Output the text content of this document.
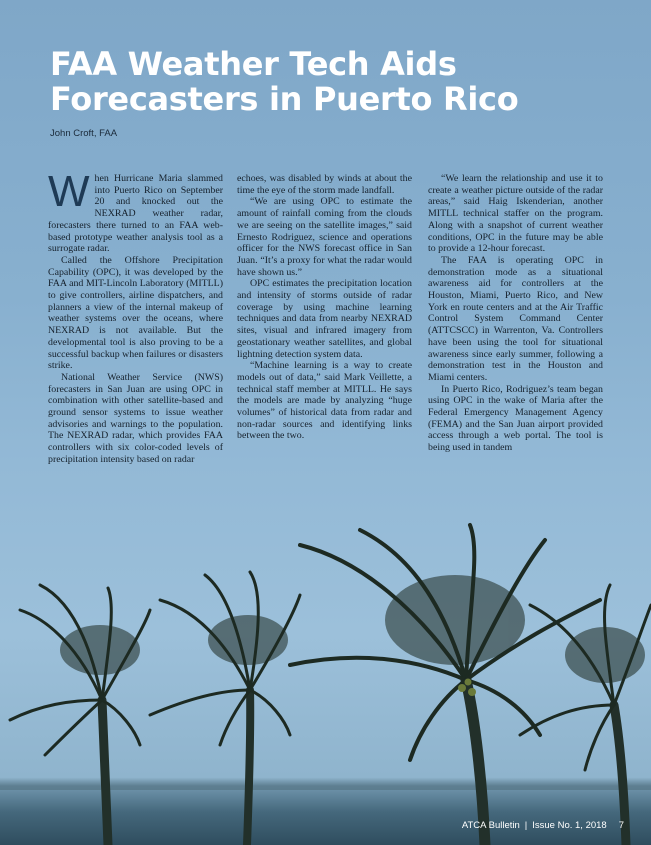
FAA Weather Tech Aids
Forecasters in Puerto Rico

John Croft, FAA

When Hurricane Maria slammed into Puerto Rico on September 20 and knocked out the NEXRAD weather radar, forecasters there turned to an FAA web-based prototype weather analysis tool as a surrogate radar.

Called the Offshore Precipitation Capability (OPC), it was developed by the FAA and MIT-Lincoln Laboratory (MITLL) to give controllers, airline dispatchers, and planners a view of the internal makeup of weather systems over the oceans, where NEXRAD is not available. But the developmental tool is also proving to be a successful backup when failures or disasters strike.

National Weather Service (NWS) forecasters in San Juan are using OPC in combination with other satellite-based and ground sensor systems to issue weather advisories and warnings to the population. The NEXRAD radar, which provides FAA controllers with six color-coded levels of precipitation intensity based on radar

echoes, was disabled by winds at about the time the eye of the storm made landfall.

“We are using OPC to estimate the amount of rainfall coming from the clouds we are seeing on the satellite images,” said Ernesto Rodriguez, science and operations officer for the NWS forecast office in San Juan. “It’s a proxy for what the radar would have shown us.”

OPC estimates the precipitation location and intensity of storms outside of radar coverage by using machine learning techniques and data from nearby NEXRAD sites, visual and infrared imagery from geostationary weather satellites, and global lightning detection system data.

“Machine learning is a way to create models out of data,” said Mark Veillette, a technical staff member at MITLL. He says the models are made by analyzing “huge volumes” of historical data from radar and non-radar sources and identifying links between the two.

“We learn the relationship and use it to create a weather picture outside of the radar areas,” said Haig Iskenderian, another MITLL technical staffer on the program. Along with a snapshot of current weather conditions, OPC in the future may be able to provide a 12-hour forecast.

The FAA is operating OPC in demonstration mode as a situational awareness aid for controllers at the Houston, Miami, Puerto Rico, and New York en route centers and at the Air Traffic Control System Command Center (ATTCSCC) in Warrenton, Va. Controllers have been using the tool for situational awareness since early summer, following a demonstration test in the Houston and Miami centers.

In Puerto Rico, Rodriguez’s team began using OPC in the wake of Maria after the Federal Emergency Management Agency (FEMA) and the San Juan airport provided access through a web portal. The tool is being used in tandem

ATCA Bulletin | Issue No. 1, 2018 7
